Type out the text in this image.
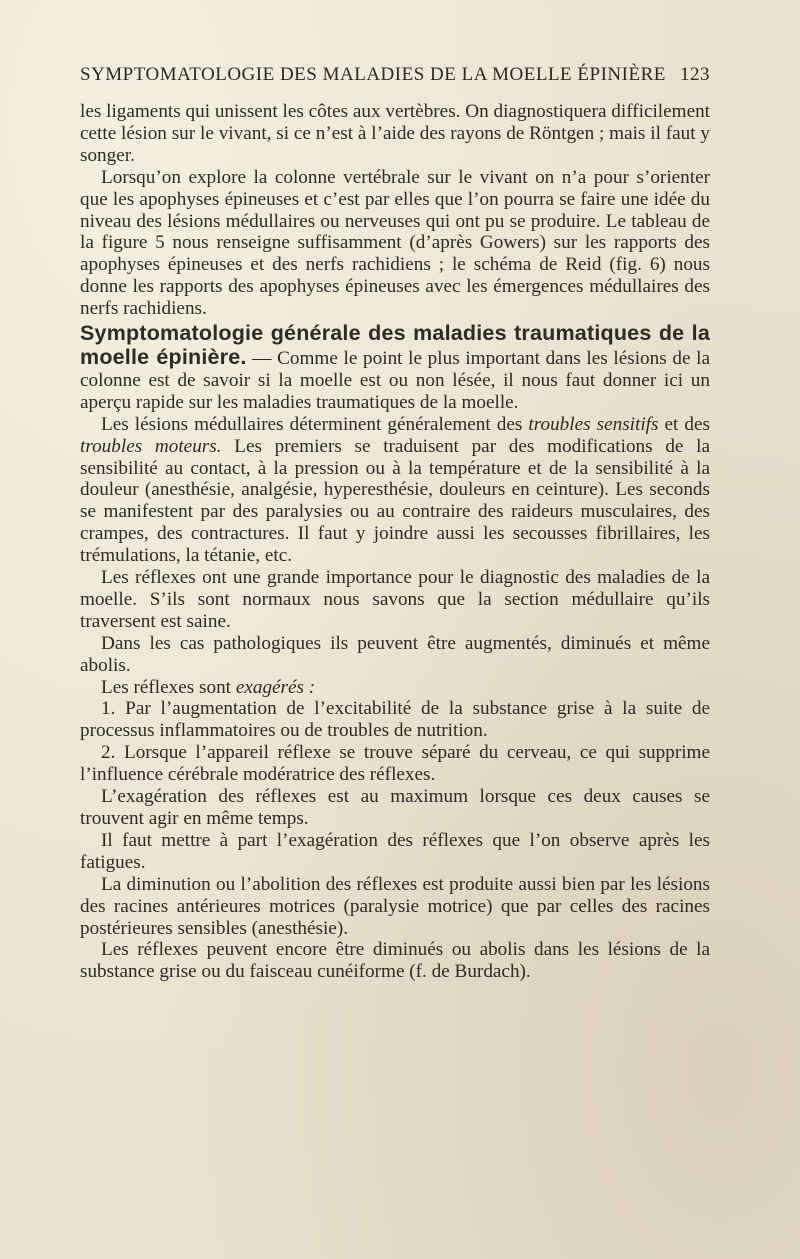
SYMPTOMATOLOGIE DES MALADIES DE LA MOELLE ÉPINIÈRE 123

les ligaments qui unissent les côtes aux vertèbres. On diagnostiquera difficilement cette lésion sur le vivant, si ce n’est à l’aide des rayons de Röntgen ; mais il faut y songer.

Lorsqu’on explore la colonne vertébrale sur le vivant on n’a pour s’orienter que les apophyses épineuses et c’est par elles que l’on pourra se faire une idée du niveau des lésions médullaires ou nerveuses qui ont pu se produire. Le tableau de la figure 5 nous renseigne suffisamment (d’après Gowers) sur les rapports des apophyses épineuses et des nerfs rachidiens ; le schéma de Reid (fig. 6) nous donne les rapports des apophyses épineuses avec les émergences médullaires des nerfs rachidiens.

Symptomatologie générale des maladies traumatiques de la moelle épinière. — Comme le point le plus important dans les lésions de la colonne est de savoir si la moelle est ou non lésée, il nous faut donner ici un aperçu rapide sur les maladies traumatiques de la moelle.

Les lésions médullaires déterminent généralement des troubles sensitifs et des troubles moteurs. Les premiers se traduisent par des modifications de la sensibilité au contact, à la pression ou à la température et de la sensibilité à la douleur (anesthésie, analgésie, hyperesthésie, douleurs en ceinture). Les seconds se manifestent par des paralysies ou au contraire des raideurs musculaires, des crampes, des contractures. Il faut y joindre aussi les secousses fibrillaires, les trémulations, la tétanie, etc.

Les réflexes ont une grande importance pour le diagnostic des maladies de la moelle. S’ils sont normaux nous savons que la section médullaire qu’ils traversent est saine.

Dans les cas pathologiques ils peuvent être augmentés, diminués et même abolis.

Les réflexes sont exagérés :

1. Par l’augmentation de l’excitabilité de la substance grise à la suite de processus inflammatoires ou de troubles de nutrition.

2. Lorsque l’appareil réflexe se trouve séparé du cerveau, ce qui supprime l’influence cérébrale modératrice des réflexes.

L’exagération des réflexes est au maximum lorsque ces deux causes se trouvent agir en même temps.

Il faut mettre à part l’exagération des réflexes que l’on observe après les fatigues.

La diminution ou l’abolition des réflexes est produite aussi bien par les lésions des racines antérieures motrices (paralysie motrice) que par celles des racines postérieures sensibles (anesthésie).

Les réflexes peuvent encore être diminués ou abolis dans les lésions de la substance grise ou du faisceau cunéiforme (f. de Burdach).
